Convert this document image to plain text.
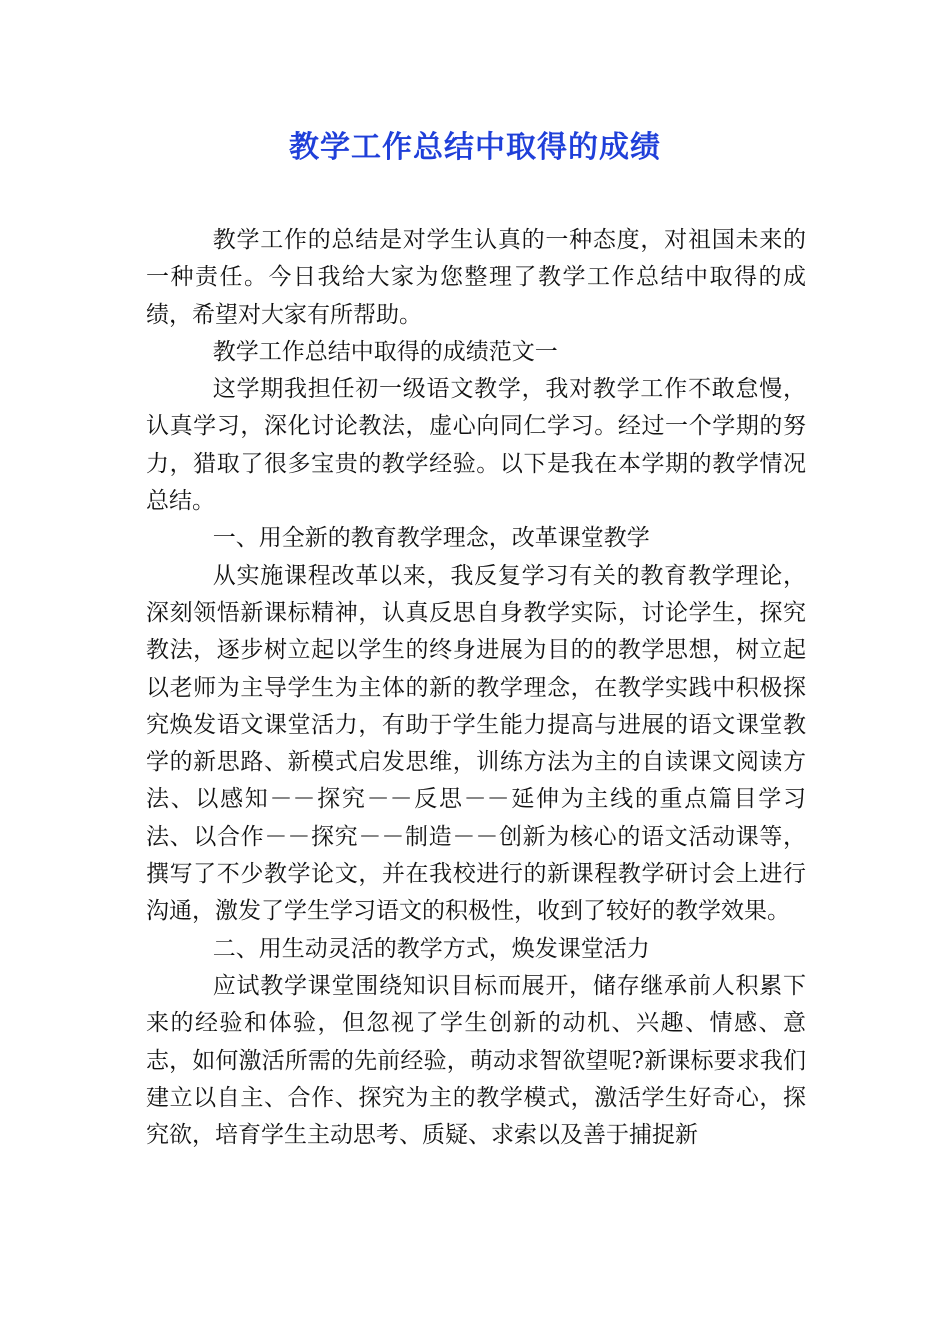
教学工作总结中取得的成绩

教学工作的总结是对学生认真的一种态度，对祖国未来的一种责任。今日我给大家为您整理了教学工作总结中取得的成绩，希望对大家有所帮助。

教学工作总结中取得的成绩范文一

这学期我担任初一级语文教学，我对教学工作不敢怠慢，认真学习，深化讨论教法，虚心向同仁学习。经过一个学期的努力，猎取了很多宝贵的教学经验。以下是我在本学期的教学情况总结。

一、用全新的教育教学理念，改革课堂教学

从实施课程改革以来，我反复学习有关的教育教学理论，深刻领悟新课标精神，认真反思自身教学实际，讨论学生，探究教法，逐步树立起以学生的终身进展为目的的教学思想，树立起以老师为主导学生为主体的新的教学理念，在教学实践中积极探究焕发语文课堂活力，有助于学生能力提高与进展的语文课堂教学的新思路、新模式启发思维，训练方法为主的自读课文阅读方法、以感知－－探究－－反思－－延伸为主线的重点篇目学习法、以合作－－探究－－制造－－创新为核心的语文活动课等，撰写了不少教学论文，并在我校进行的新课程教学研讨会上进行沟通，激发了学生学习语文的积极性，收到了较好的教学效果。

二、用生动灵活的教学方式，焕发课堂活力

应试教学课堂围绕知识目标而展开，储存继承前人积累下来的经验和体验，但忽视了学生创新的动机、兴趣、情感、意志，如何激活所需的先前经验，萌动求智欲望呢?新课标要求我们建立以自主、合作、探究为主的教学模式，激活学生好奇心，探究欲，培育学生主动思考、质疑、求索以及善于捕捉新
